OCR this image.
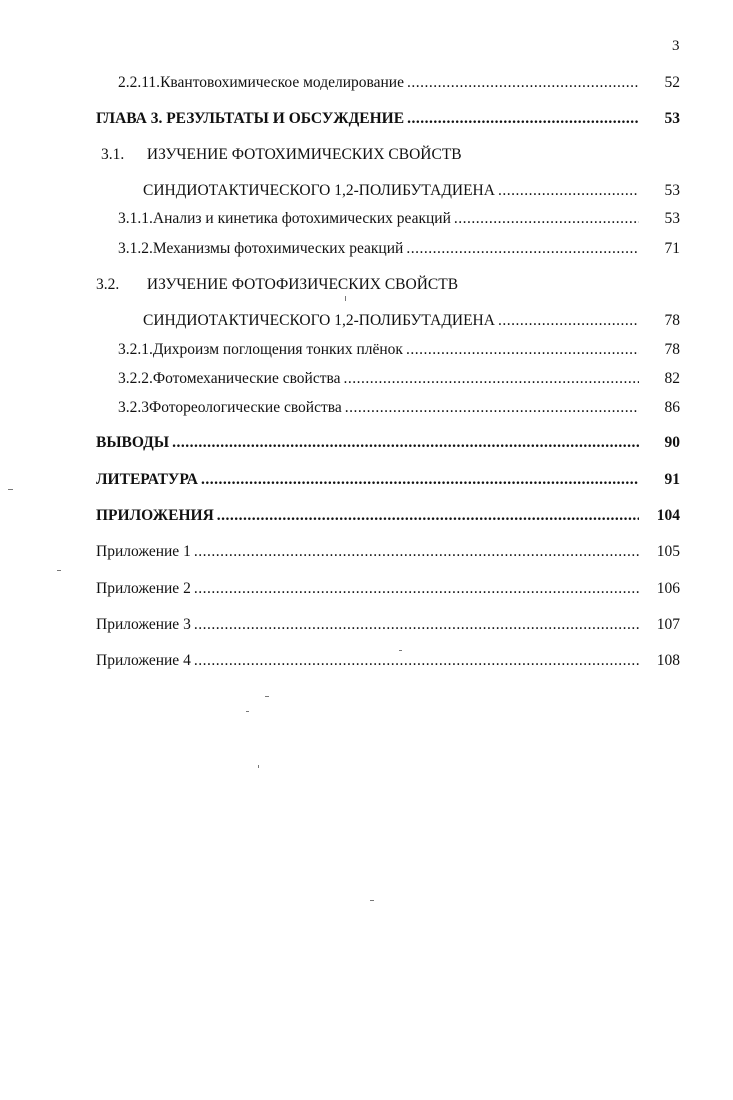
3
2.2.11. Квантовохимическое моделирование .....	52
ГЛАВА 3. РЕЗУЛЬТАТЫ И ОБСУЖДЕНИЕ .....	53
3.1. ИЗУЧЕНИЕ ФОТОХИМИЧЕСКИХ СВОЙСТВ
СИНДИОТАКТИЧЕСКОГО 1,2-ПОЛИБУТАДИЕНА .....	53
3.1.1. Анализ и кинетика фотохимических реакций .....	53
3.1.2. Механизмы фотохимических реакций .....	71
3.2. ИЗУЧЕНИЕ ФОТОФИЗИЧЕСКИХ СВОЙСТВ
СИНДИОТАКТИЧЕСКОГО 1,2-ПОЛИБУТАДИЕНА .....	78
3.2.1. Дихроизм поглощения тонких плёнок .....	78
3.2.2. Фотомеханические свойства .....	82
3.2.3 Фотореологические свойства .....	86
ВЫВОДЫ .....	90
ЛИТЕРАТУРА .....	91
ПРИЛОЖЕНИЯ .....	104
Приложение 1 .....	105
Приложение 2 .....	106
Приложение 3 .....	107
Приложение 4 .....	108
